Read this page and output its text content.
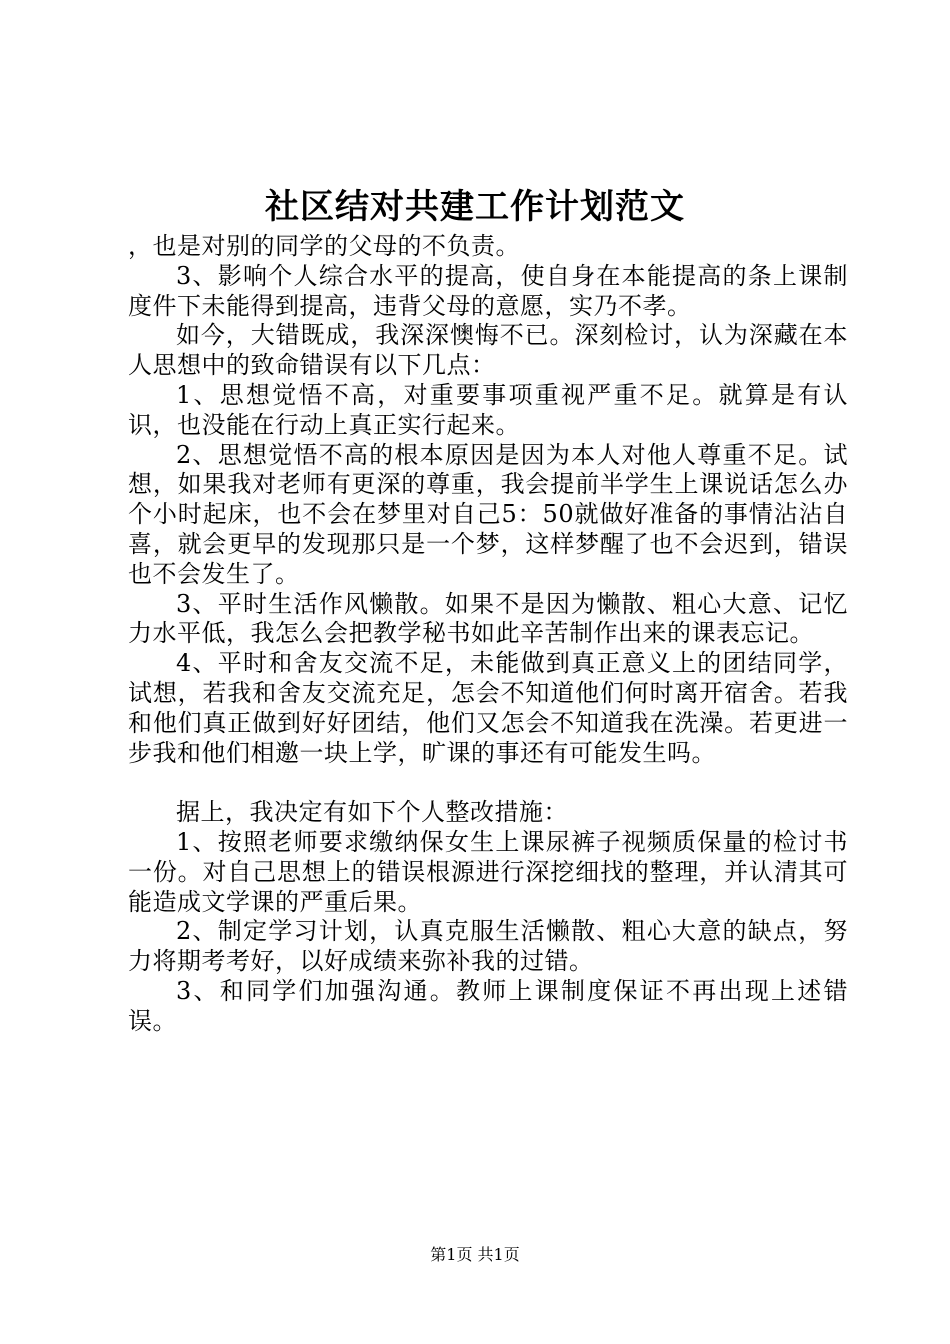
社区结对共建工作计划范文

，也是对别的同学的父母的不负责。

3、影响个人综合水平的提高，使自身在本能提高的条上课制度件下未能得到提高，违背父母的意愿，实乃不孝。

如今，大错既成，我深深懊悔不已。深刻检讨，认为深藏在本人思想中的致命错误有以下几点：

1、思想觉悟不高，对重要事项重视严重不足。就算是有认识，也没能在行动上真正实行起来。

2、思想觉悟不高的根本原因是因为本人对他人尊重不足。试想，如果我对老师有更深的尊重，我会提前半学生上课说话怎么办个小时起床，也不会在梦里对自己5：50就做好准备的事情沾沾自喜，就会更早的发现那只是一个梦，这样梦醒了也不会迟到，错误也不会发生了。

3、平时生活作风懒散。如果不是因为懒散、粗心大意、记忆力水平低，我怎么会把教学秘书如此辛苦制作出来的课表忘记。

4、平时和舍友交流不足，未能做到真正意义上的团结同学，试想，若我和舍友交流充足，怎会不知道他们何时离开宿舍。若我和他们真正做到好好团结，他们又怎会不知道我在洗澡。若更进一步我和他们相邀一块上学，旷课的事还有可能发生吗。

据上，我决定有如下个人整改措施：

1、按照老师要求缴纳保女生上课尿裤子视频质保量的检讨书一份。对自己思想上的错误根源进行深挖细找的整理，并认清其可能造成文学课的严重后果。

2、制定学习计划，认真克服生活懒散、粗心大意的缺点，努力将期考考好，以好成绩来弥补我的过错。

3、和同学们加强沟通。教师上课制度保证不再出现上述错误。

第1页 共1页
